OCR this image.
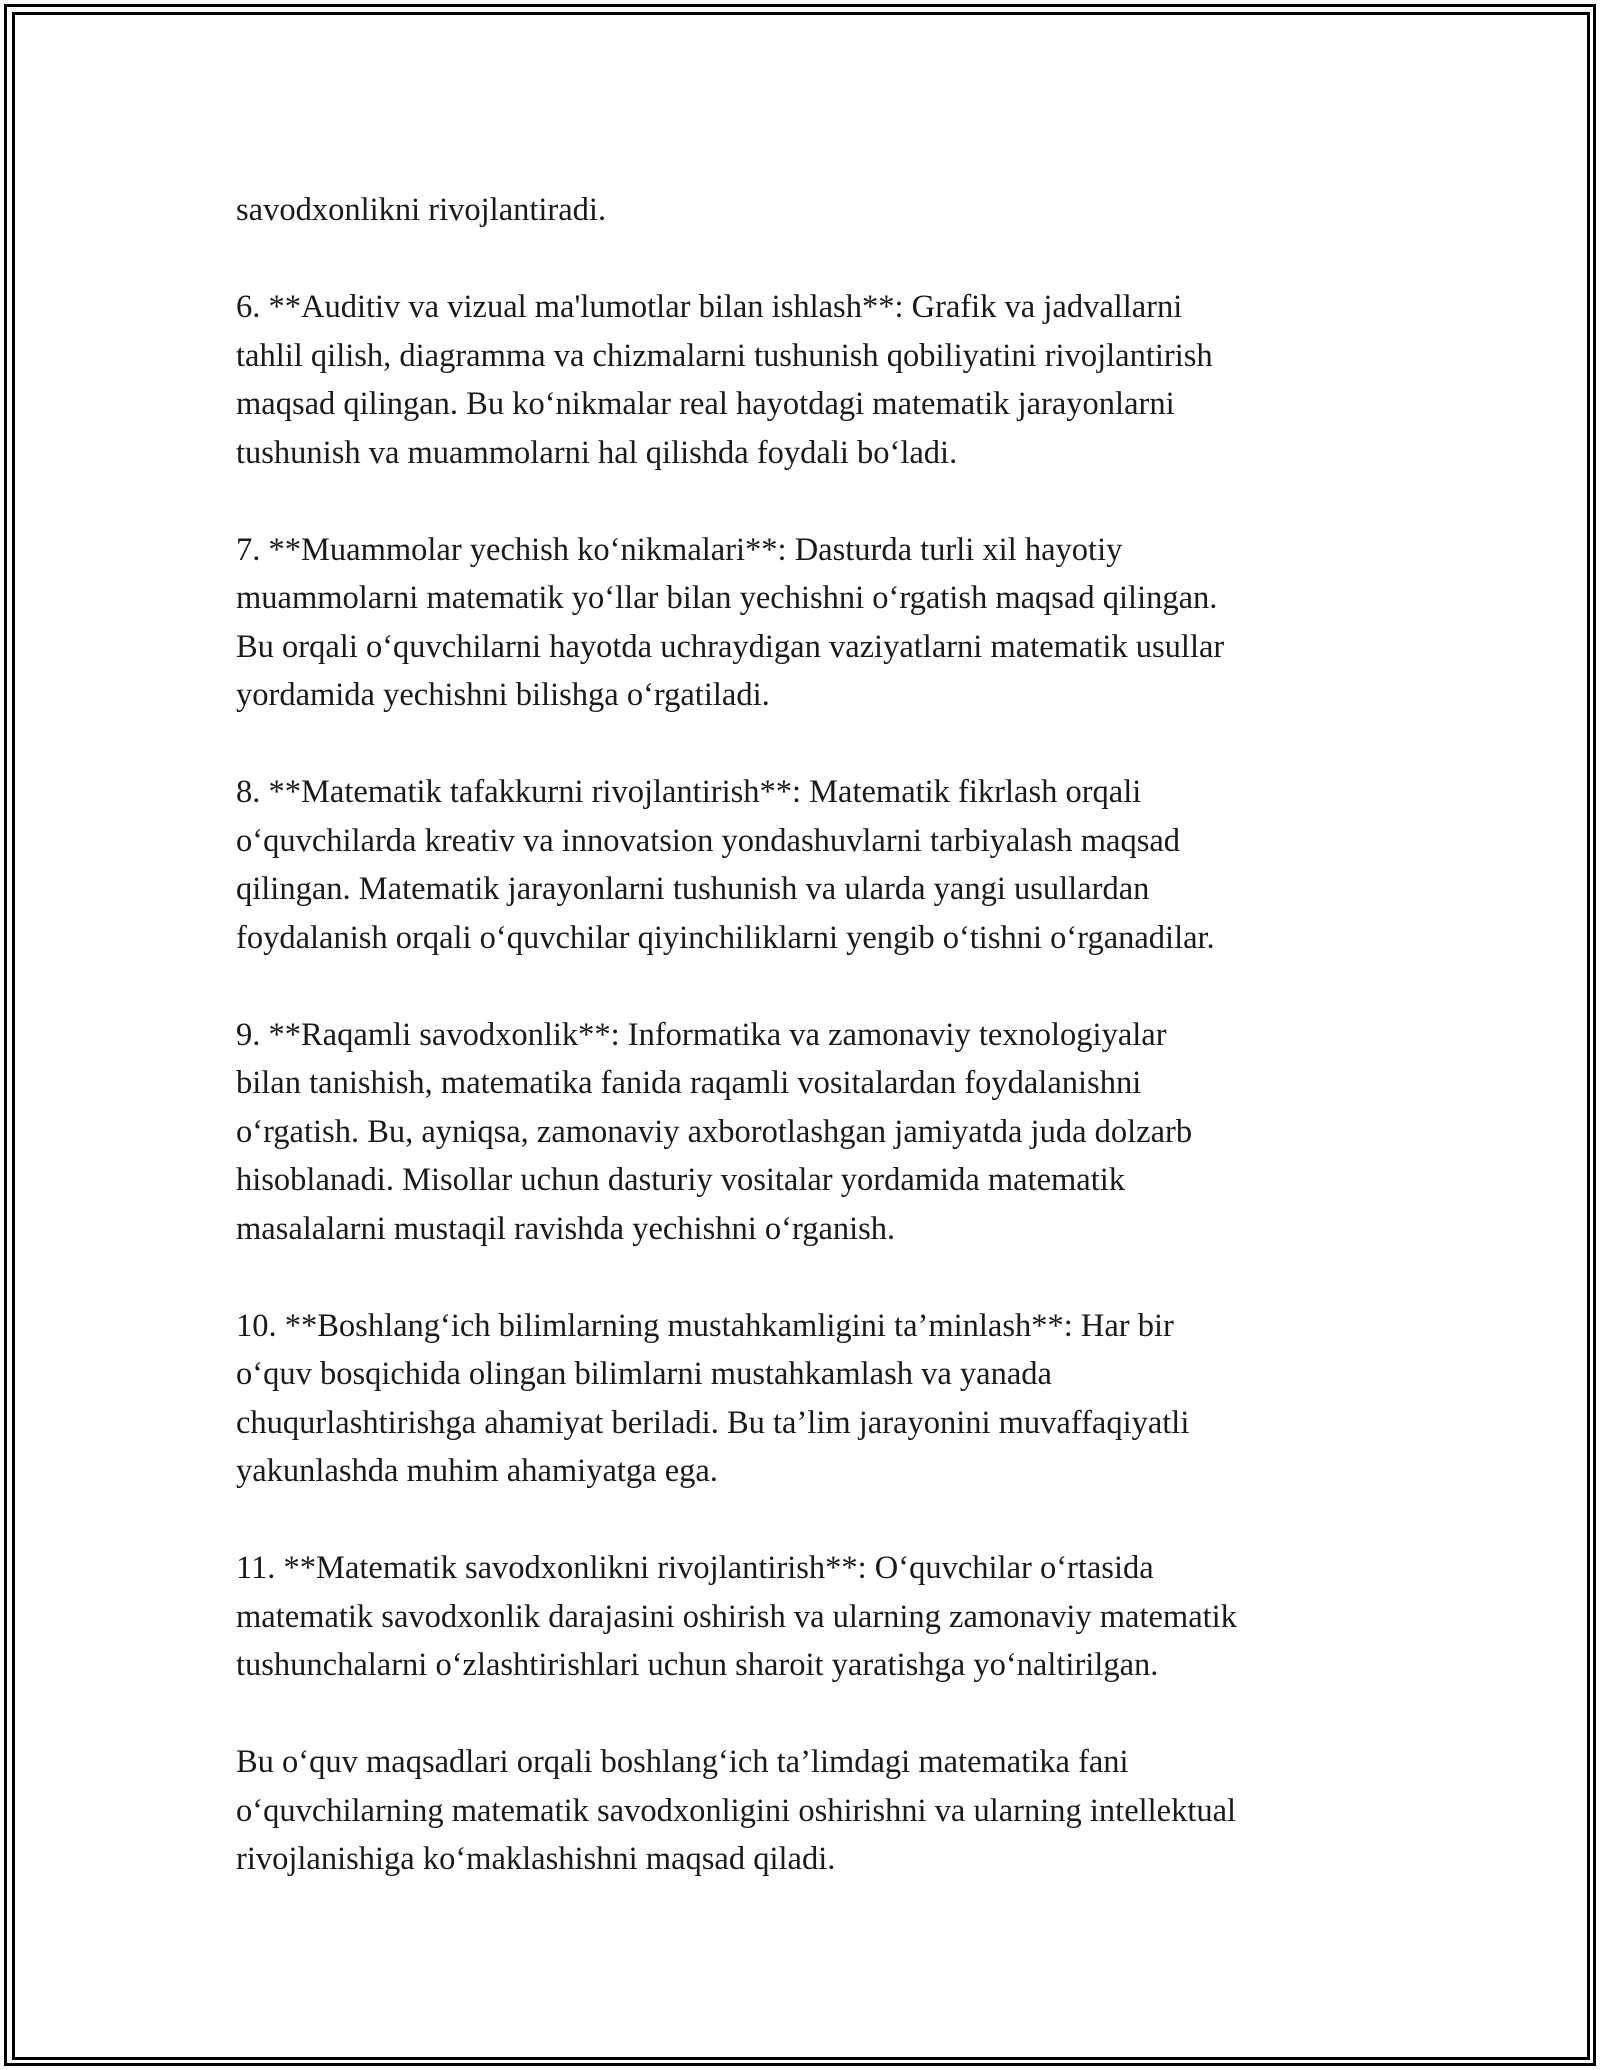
savodxonlikni rivojlantiradi.

6. **Auditiv va vizual ma'lumotlar bilan ishlash**: Grafik va jadvallarni
tahlil qilish, diagramma va chizmalarni tushunish qobiliyatini rivojlantirish
maqsad qilingan. Bu ko‘nikmalar real hayotdagi matematik jarayonlarni
tushunish va muammolarni hal qilishda foydali bo‘ladi.

7. **Muammolar yechish ko‘nikmalari**: Dasturda turli xil hayotiy
muammolarni matematik yo‘llar bilan yechishni o‘rgatish maqsad qilingan.
Bu orqali o‘quvchilarni hayotda uchraydigan vaziyatlarni matematik usullar
yordamida yechishni bilishga o‘rgatiladi.

8. **Matematik tafakkurni rivojlantirish**: Matematik fikrlash orqali
o‘quvchilarda kreativ va innovatsion yondashuvlarni tarbiyalash maqsad
qilingan. Matematik jarayonlarni tushunish va ularda yangi usullardan
foydalanish orqali o‘quvchilar qiyinchiliklarni yengib o‘tishni o‘rganadilar.

9. **Raqamli savodxonlik**: Informatika va zamonaviy texnologiyalar
bilan tanishish, matematika fanida raqamli vositalardan foydalanishni
o‘rgatish. Bu, ayniqsa, zamonaviy axborotlashgan jamiyatda juda dolzarb
hisoblanadi. Misollar uchun dasturiy vositalar yordamida matematik
masalalarni mustaqil ravishda yechishni o‘rganish.

10. **Boshlang‘ich bilimlarning mustahkamligini ta’minlash**: Har bir
o‘quv bosqichida olingan bilimlarni mustahkamlash va yanada
chuqurlashtirishga ahamiyat beriladi. Bu ta’lim jarayonini muvaffaqiyatli
yakunlashda muhim ahamiyatga ega.

11. **Matematik savodxonlikni rivojlantirish**: O‘quvchilar o‘rtasida
matematik savodxonlik darajasini oshirish va ularning zamonaviy matematik
tushunchalarni o‘zlashtirishlari uchun sharoit yaratishga yo‘naltirilgan.

Bu o‘quv maqsadlari orqali boshlang‘ich ta’limdagi matematika fani
o‘quvchilarning matematik savodxonligini oshirishni va ularning intellektual
rivojlanishiga ko‘maklashishni maqsad qiladi.
